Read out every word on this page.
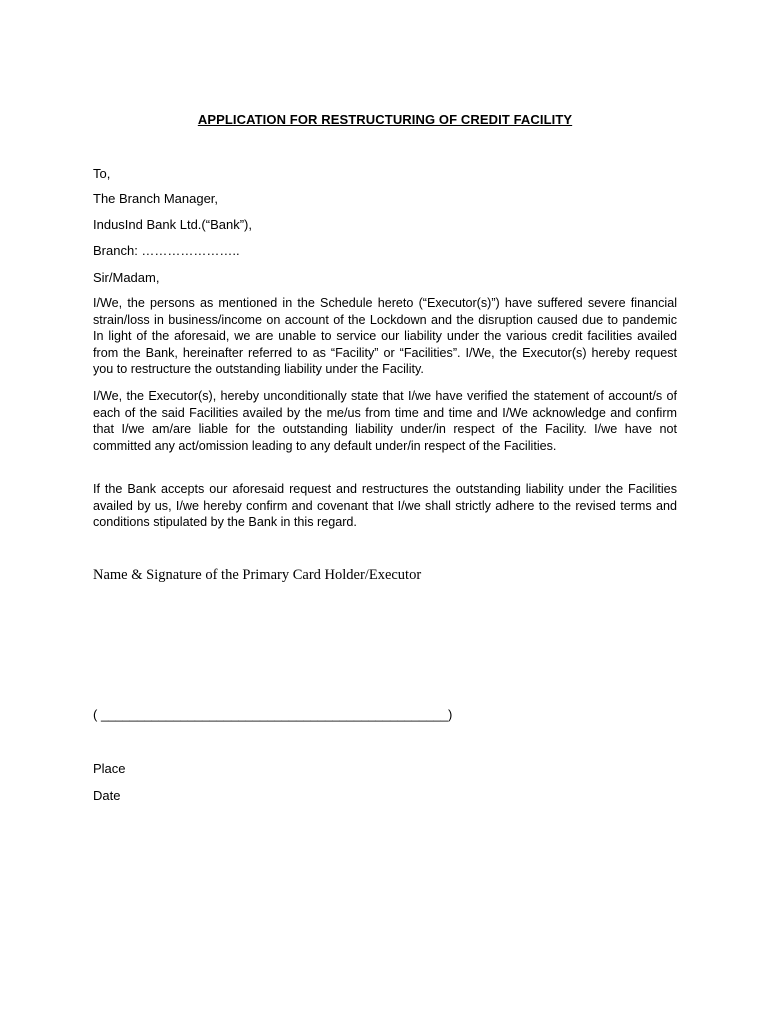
APPLICATION FOR RESTRUCTURING OF CREDIT FACILITY
To,
The Branch Manager,
IndusInd Bank Ltd.(“Bank”),
Branch: …………………..
Sir/Madam,

I/We, the persons as mentioned in the Schedule hereto (“Executor(s)”) have suffered severe financial strain/loss in business/income on account of the Lockdown and the disruption caused due to pandemic In light of the aforesaid, we are unable to service our liability under the various credit facilities availed from the Bank, hereinafter referred to as “Facility” or “Facilities”. I/We, the Executor(s) hereby request you to restructure the outstanding liability under the Facility.

I/We, the Executor(s), hereby unconditionally state that I/we have verified the statement of account/s of each of the said Facilities availed by the me/us from time and time and I/We acknowledge and confirm that I/we am/are liable for the outstanding liability under/in respect of the Facility. I/we have not committed any act/omission leading to any default under/in respect of the Facilities.

If the Bank accepts our aforesaid request and restructures the outstanding liability under the Facilities availed by us, I/we hereby confirm and covenant that I/we shall strictly adhere to the revised terms and conditions stipulated by the Bank in this regard.

Name & Signature of the Primary Card Holder/Executor
( ________________________________________________)
Place
Date
